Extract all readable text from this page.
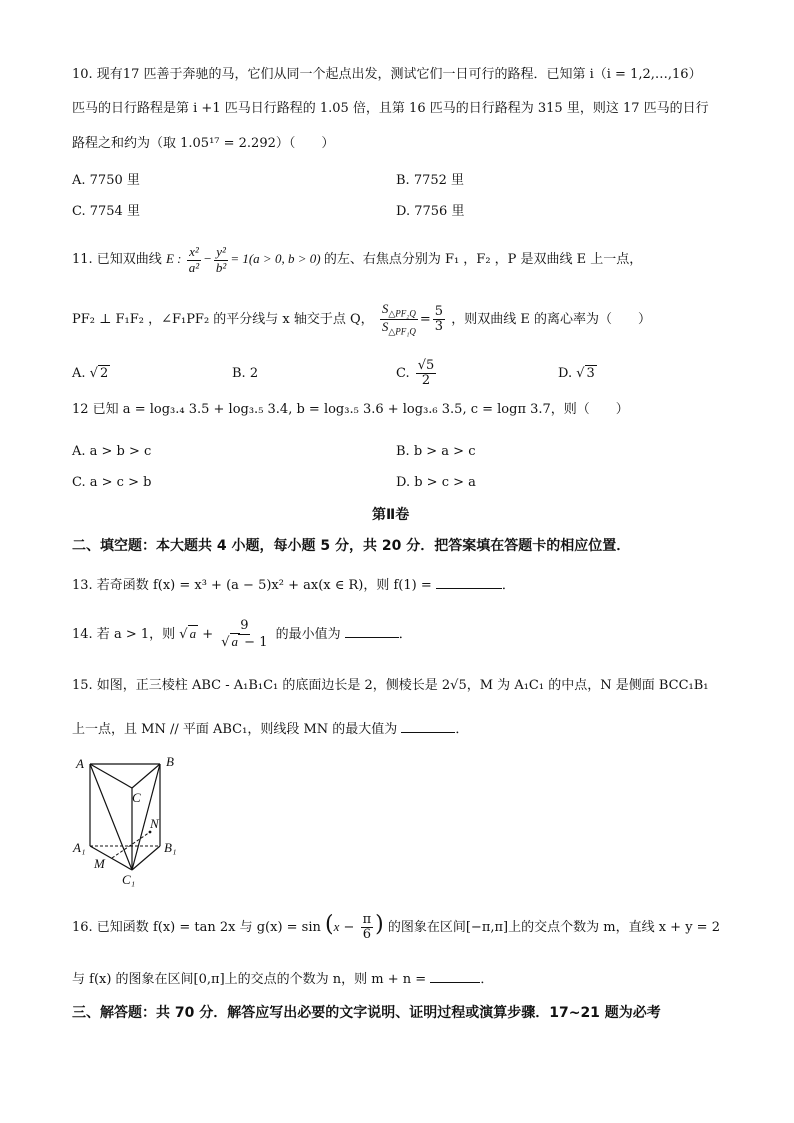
10. 现有17 匹善于奔驰的马，它们从同一个起点出发，测试它们一日可行的路程．已知第 i（i = 1,2,…,16）
匹马的日行路程是第 i +1 匹马日行路程的 1.05 倍，且第 16 匹马的日行路程为 315 里，则这 17 匹马的日行
路程之和约为（取 1.05¹⁷ = 2.292）（　　）
A. 7750 里	B. 7752 里
C. 7754 里	D. 7756 里
11. 已知双曲线 E : $\frac{\text{x²}}{\text{a²}} - \frac{\text{y²}}{\text{b²}} = 1(a > 0$, b > 0) 的左、右焦点分别为 F₁ ，F₂ ，P 是双曲线 E 上一点，
PF₂ ⊥ F₁F₂ ，∠F₁PF₂ 的平分线与 x 轴交于点 Q， $\frac{S_{\triangle PF_2Q}}{S_{\triangle PF_1Q}} = \frac{5}{3}$ ，则双曲线 E 的离心率为（　　）
A. √ 2	B. 2	C. $\frac{√5}{2}$	D. √ 3
12 已知 a = log₃.₄ 3.5 + log₃.₅ 3.4, b = log₃.₅ 3.6 + log₃.₆ 3.5, c = logπ 3.7，则（　　）
A. a > b > c	B. b > a > c
C. a > c > b	D. b > c > a
第Ⅱ卷
二、填空题：本大题共 4 小题，每小题 5 分，共 20 分．把答案填在答题卡的相应位置．
13. 若奇函数 f(x) = x³ + (a − 5)x² + ax(x ∈ R)，则 f(1) =	．
14. 若 a > 1，则 √ $a + \frac{9}{√ a - 1}$ 的最小值为	．
15. 如图，正三棱柱 ABC - A₁B₁C₁ 的底面边长是 2，侧棱长是 2√5，M 为 A₁C₁ 的中点，N 是侧面 BCC₁B₁
上一点，且 MN // 平面 ABC₁，则线段 MN 的最大值为	．
A	B
C
N
A₁	B₁
M
C₁
16. 已知函数 f(x) = tan 2x 与 $g(x) = \sin (x - \frac{\pi}{6}$ ) 的图象在区间[−π,π]上的交点个数为 m，直线 x + y = 2
与 f(x) 的图象在区间[0,π]上的交点的个数为 n，则 m + n =	．
三、解答题：共 70 分．解答应写出必要的文字说明、证明过程或演算步骤．17~21 题为必考
